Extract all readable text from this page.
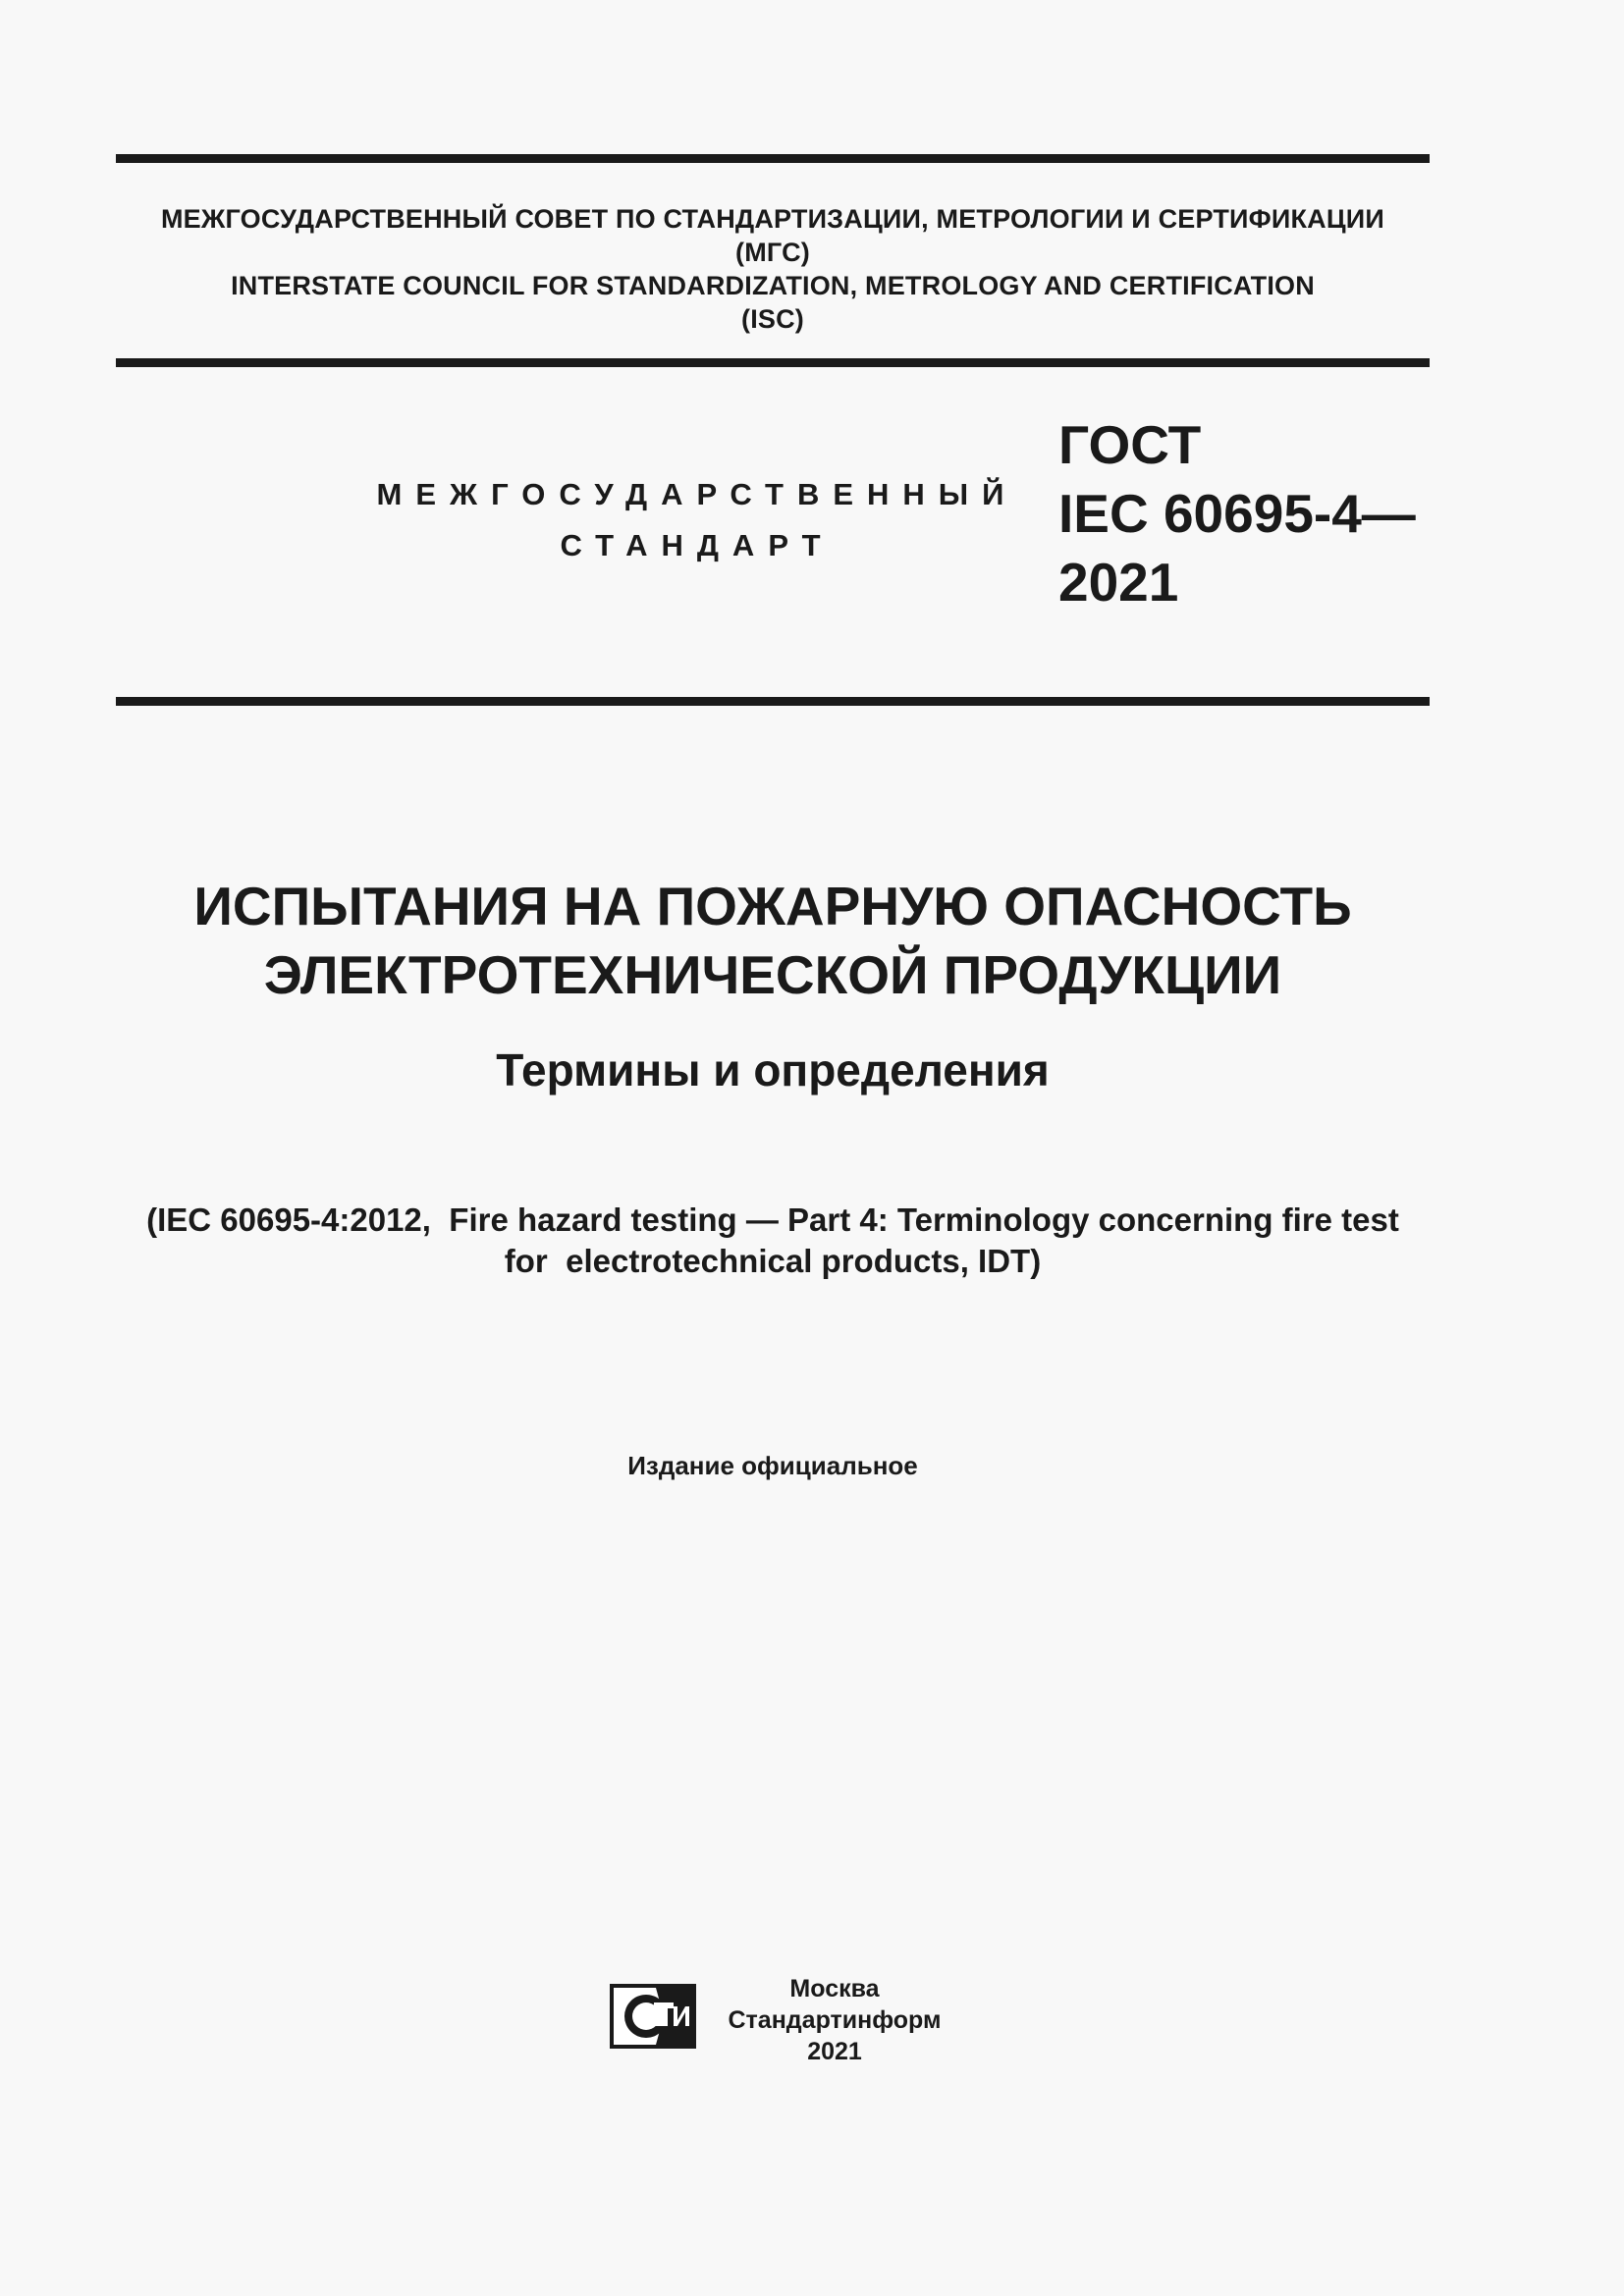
МЕЖГОСУДАРСТВЕННЫЙ СОВЕТ ПО СТАНДАРТИЗАЦИИ, МЕТРОЛОГИИ И СЕРТИФИКАЦИИ
(МГС)
INTERSTATE COUNCIL FOR STANDARDIZATION, METROLOGY AND CERTIFICATION
(ISC)
МЕЖГОСУДАРСТВЕННЫЙ
СТАНДАРТ
ГОСТ
IEC 60695-4—
2021
ИСПЫТАНИЯ НА ПОЖАРНУЮ ОПАСНОСТЬ
ЭЛЕКТРОТЕХНИЧЕСКОЙ ПРОДУКЦИИ
Термины и определения
(IEC 60695-4:2012,  Fire hazard testing — Part 4: Terminology concerning fire test
for  electrotechnical products, IDT)
Издание официальное
Москва
Стандартинформ
2021
